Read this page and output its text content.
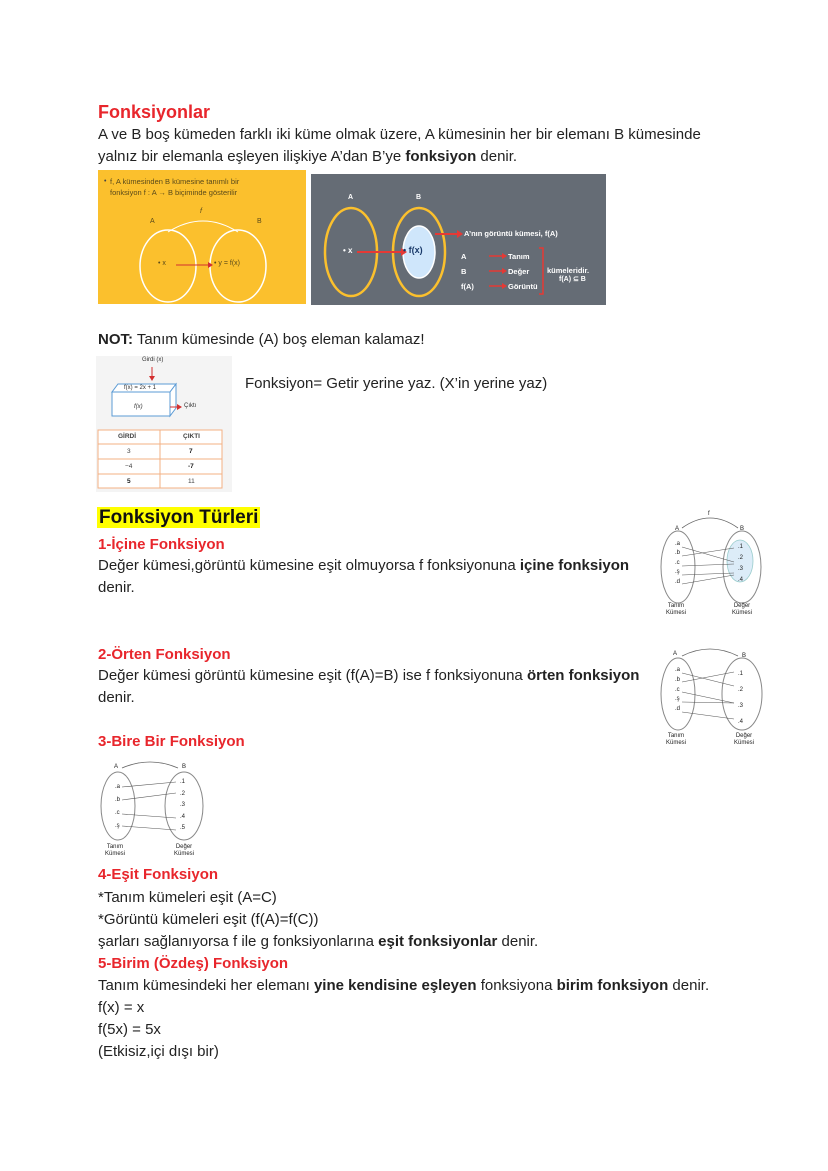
Fonksiyonlar
A ve B boş kümeden farklı iki küme olmak üzere, A kümesinin her bir elemanı B kümesinde
yalnız bir elemanla eşleyen ilişkiye A’dan B’ye fonksiyon denir.
• f, A kümesinden B kümesine tanımlı bir
fonksiyon f : A → B biçiminde gösterilir
A	B
f
• x	• y = f(x)
A	B
• x	• f(x)
A’nın görüntü kümesi, f(A)
A	Tanım
B	Değer
f(A)	Görüntü
kümeleridir.
f(A) ⊆ B
NOT: Tanım kümesinde (A) boş eleman kalamaz!
Girdi (x)
f(x) = 2x + 1
f(x)	Çıktı
GİRDİ	ÇIKTI
3	7
−4	-7
5	11
Fonksiyon= Getir yerine yaz. (X’in yerine yaz)
Fonksiyon Türleri
1-İçine Fonksiyon
Değer kümesi,görüntü kümesine eşit olmuyorsa f fonksiyonuna içine fonksiyon
denir.
A	B
f
.a
.b
.c
.ş
.d
.1
.2
.3
.4
Tanım
Kümesi
Değer
Kümesi
2-Örten Fonksiyon
Değer kümesi görüntü kümesine eşit (f(A)=B) ise f fonksiyonuna örten fonksiyon
denir.
A	B
.a
.b
.c
.ş
.d
.1
.2
.3
.4
Tanım
Kümesi
Değer
Kümesi
3-Bire Bir Fonksiyon
A	B
.a
.b
.c
.ş
.1
.2
.3
.4
.5
Tanım
Kümesi
Değer
Kümesi
4-Eşit Fonksiyon
*Tanım kümeleri eşit (A=C)
*Görüntü kümeleri eşit (f(A)=f(C))
şarları sağlanıyorsa f ile g fonksiyonlarına eşit fonksiyonlar denir.
5-Birim (Özdeş) Fonksiyon
Tanım kümesindeki her elemanı yine kendisine eşleyen fonksiyona birim fonksiyon denir.
f(x) = x
f(5x) = 5x
(Etkisiz,içi dışı bir)
